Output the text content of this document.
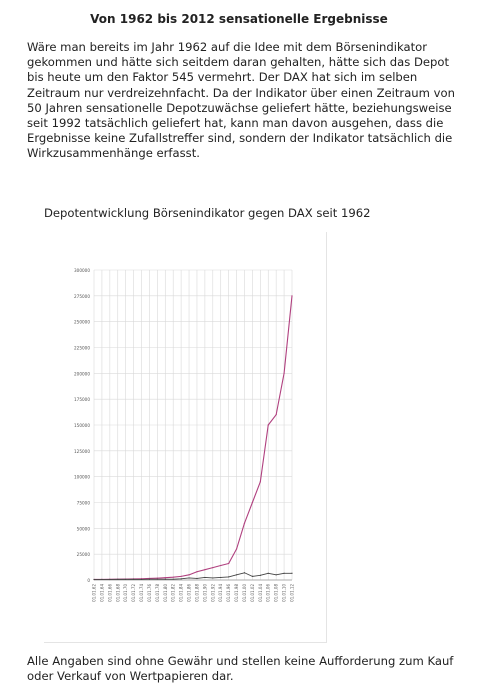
Von 1962 bis 2012 sensationelle Ergebnisse
Wäre man bereits im Jahr 1962 auf die Idee mit dem Börsenindikator gekommen und hätte sich seitdem daran gehalten, hätte sich das Depot bis heute um den Faktor 545 vermehrt. Der DAX hat sich im selben Zeitraum nur verdreizehnfacht. Da der Indikator über einen Zeitraum von 50 Jahren sensationelle Depotzuwächse geliefert hätte, beziehungsweise seit 1992 tatsächlich geliefert hat, kann man davon ausgehen, dass die Ergebnisse keine Zufallstreffer sind, sondern der Indikator tatsächlich die Wirkzusammenhänge erfasst.
Depotentwicklung Börsenindikator gegen DAX seit 1962
0
25000
50000
75000
100000
125000
150000
175000
200000
225000
250000
275000
300000
01.01.62 01.01.64 01.01.66 01.01.68 01.01.70 01.01.72 01.01.74 01.01.76 01.01.78 01.01.80 01.01.82 01.01.84 01.01.86 01.01.88 01.01.90 01.01.92 01.01.94 01.01.96 01.01.98 01.01.00 01.01.02 01.01.04 01.01.06 01.01.08 01.01.10 01.01.12
Alle Angaben sind ohne Gewähr und stellen keine Aufforderung zum Kauf oder Verkauf von Wertpapieren dar.
